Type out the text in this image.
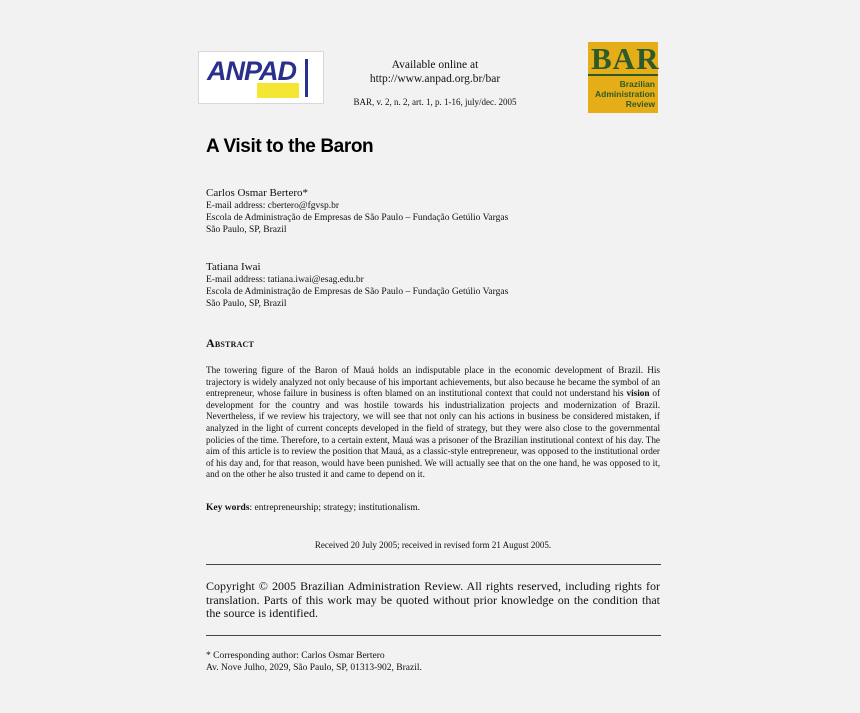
ANPAD	Available online at
http://www.anpad.org.br/bar
BAR, v. 2, n. 2, art. 1, p. 1-16, july/dec. 2005
BAR
Brazilian
Administration
Review
A Visit to the Baron
Carlos Osmar Bertero*
E-mail address: cbertero@fgvsp.br
Escola de Administração de Empresas de São Paulo – Fundação Getúlio Vargas
São Paulo, SP, Brazil
Tatiana Iwai
E-mail address: tatiana.iwai@esag.edu.br
Escola de Administração de Empresas de São Paulo – Fundação Getúlio Vargas
São Paulo, SP, Brazil
Abstract

The towering figure of the Baron of Mauá holds an indisputable place in the economic development of Brazil. His trajectory is widely analyzed not only because of his important achievements, but also because he became the symbol of an entrepreneur, whose failure in business is often blamed on an institutional context that could not understand his vision of development for the country and was hostile towards his industrialization projects and modernization of Brazil. Nevertheless, if we review his trajectory, we will see that not only can his actions in business be considered mistaken, if analyzed in the light of current concepts developed in the field of strategy, but they were also close to the governmental policies of the time. Therefore, to a certain extent, Mauá was a prisoner of the Brazilian institutional context of his day. The aim of this article is to review the position that Mauá, as a classic-style entrepreneur, was opposed to the institutional order of his day and, for that reason, would have been punished. We will actually see that on the one hand, he was opposed to it, and on the other he also trusted it and came to depend on it.

Key words: entrepreneurship; strategy; institutionalism.
Received 20 July 2005; received in revised form 21 August 2005.

Copyright © 2005 Brazilian Administration Review. All rights reserved, including rights for translation. Parts of this work may be quoted without prior knowledge on the condition that the source is identified.

* Corresponding author: Carlos Osmar Bertero
Av. Nove Julho, 2029, São Paulo, SP, 01313-902, Brazil.
